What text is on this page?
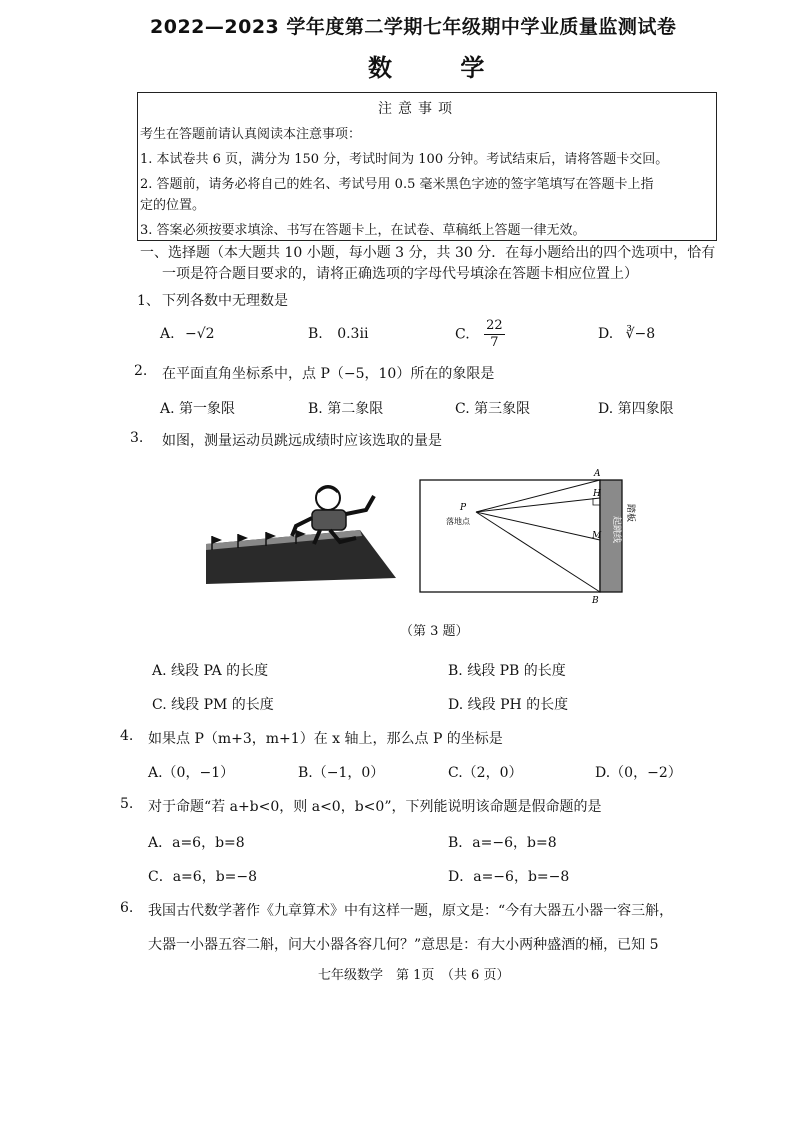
2022—2023 学年度第二学期七年级期中学业质量监测试卷
数 学
注意事项
考生在答题前请认真阅读本注意事项：
1. 本试卷共 6 页，满分为 150 分，考试时间为 100 分钟。考试结束后，请将答题卡交回。
2. 答题前，请务必将自己的姓名、考试号用 0.5 毫米黑色字迹的签字笔填写在答题卡上指
定的位置。
3. 答案必须按要求填涂、书写在答题卡上，在试卷、草稿纸上答题一律无效。
一、选择题（本大题共 10 小题，每小题 3 分，共 30 分．在每小题给出的四个选项中，恰有
一项是符合题目要求的，请将正确选项的字母代号填涂在答题卡相应位置上）
1、 下列各数中无理数是
A. −√2	B. 0.3i̇i̇	C. $\frac{22}{7}$	D. ∛−8
2. 在平面直角坐标系中，点 P（−5，10）所在的象限是
A. 第一象限	B. 第二象限	C. 第三象限	D. 第四象限
3. 如图，测量运动员跳远成绩时应该选取的量是
A
B
H
M
P
落地点	踏板
起跳线
（第 3 题）
A. 线段 PA 的长度	B. 线段 PB 的长度
C. 线段 PM 的长度	D. 线段 PH 的长度
4. 如果点 P（m+3，m+1）在 x 轴上，那么点 P 的坐标是
A.（0，−1）	B.（−1，0）	C.（2，0）	D.（0，−2）
5. 对于命题“若 a+b<0，则 a<0，b<0”，下列能说明该命题是假命题的是
A．a=6，b=8	B．a=−6，b=8
C．a=6，b=−8	D．a=−6，b=−8
6. 我国古代数学著作《九章算术》中有这样一题，原文是：“今有大器五小器一容三斛，
大器一小器五容二斛，问大小器各容几何？”意思是：有大小两种盛酒的桶，已知 5
七年级数学　第 1页　（共 6 页）
